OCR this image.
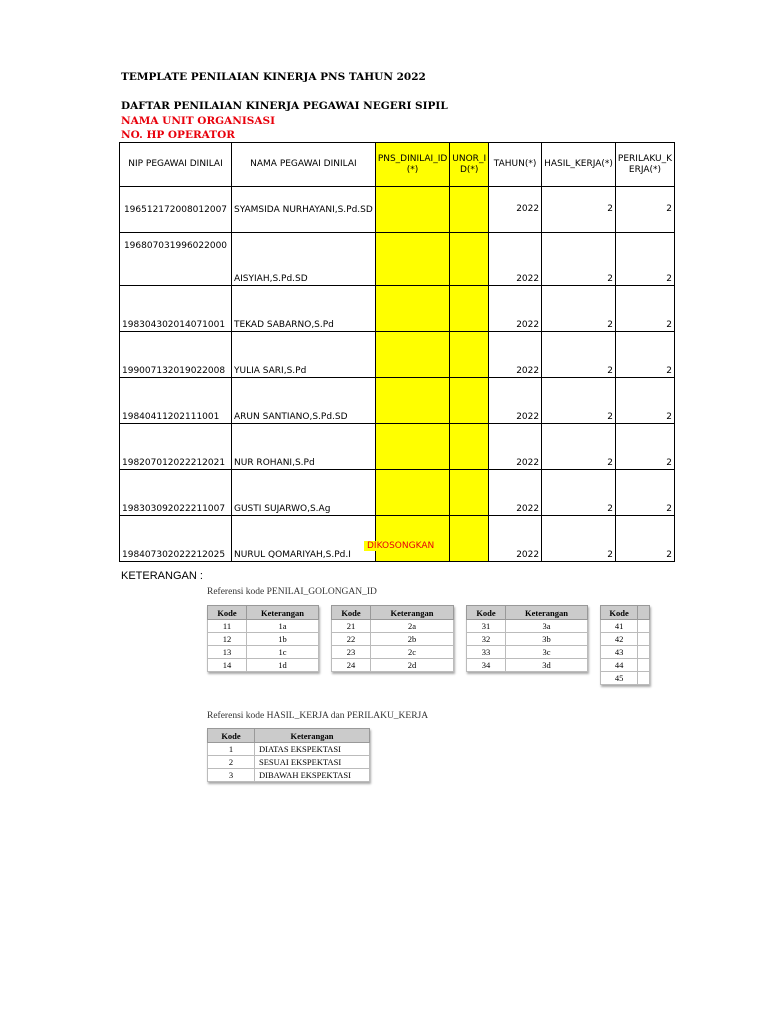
TEMPLATE PENILAIAN KINERJA PNS TAHUN 2022
DAFTAR PENILAIAN KINERJA PEGAWAI NEGERI SIPIL
NAMA UNIT ORGANISASI
NO. HP OPERATOR
NIP PEGAWAI DINILAI	NAMA PEGAWAI DINILAI	PNS_DINILAI_ID (*)	UNOR_I D(*)	TAHUN(*)	HASIL_KERJA(*)	PERILAKU_K ERJA(*)
196512172008012007	SYAMSIDA NURHAYANI,S.Pd.SD			2022	2	2
196807031996022000	AISYIAH,S.Pd.SD			2022	2	2
198304302014071001	TEKAD SABARNO,S.Pd			2022	2	2
199007132019022008	YULIA SARI,S.Pd			2022	2	2
19840411202111001	ARUN SANTIANO,S.Pd.SD			2022	2	2
198207012022212021	NUR ROHANI,S.Pd			2022	2	2
198303092022211007	GUSTI SUJARWO,S.Ag			2022	2	2
198407302022212025	NURUL QOMARIYAH,S.Pd.I			2022	2	2
DIKOSONGKAN
KETERANGAN :
Referensi kode PENILAI_GOLONGAN_ID
Kode	Keterangan
11	1a
12	1b
13	1c
14	1d
Kode	Keterangan
21	2a
22	2b
23	2c
24	2d
Kode	Keterangan
31	3a
32	3b
33	3c
34	3d
Kode	
41	
42	
43	
44	
45	
Referensi kode HASIL_KERJA dan PERILAKU_KERJA
Kode	Keterangan
1	DIATAS EKSPEKTASI
2	SESUAI EKSPEKTASI
3	DIBAWAH EKSPEKTASI
